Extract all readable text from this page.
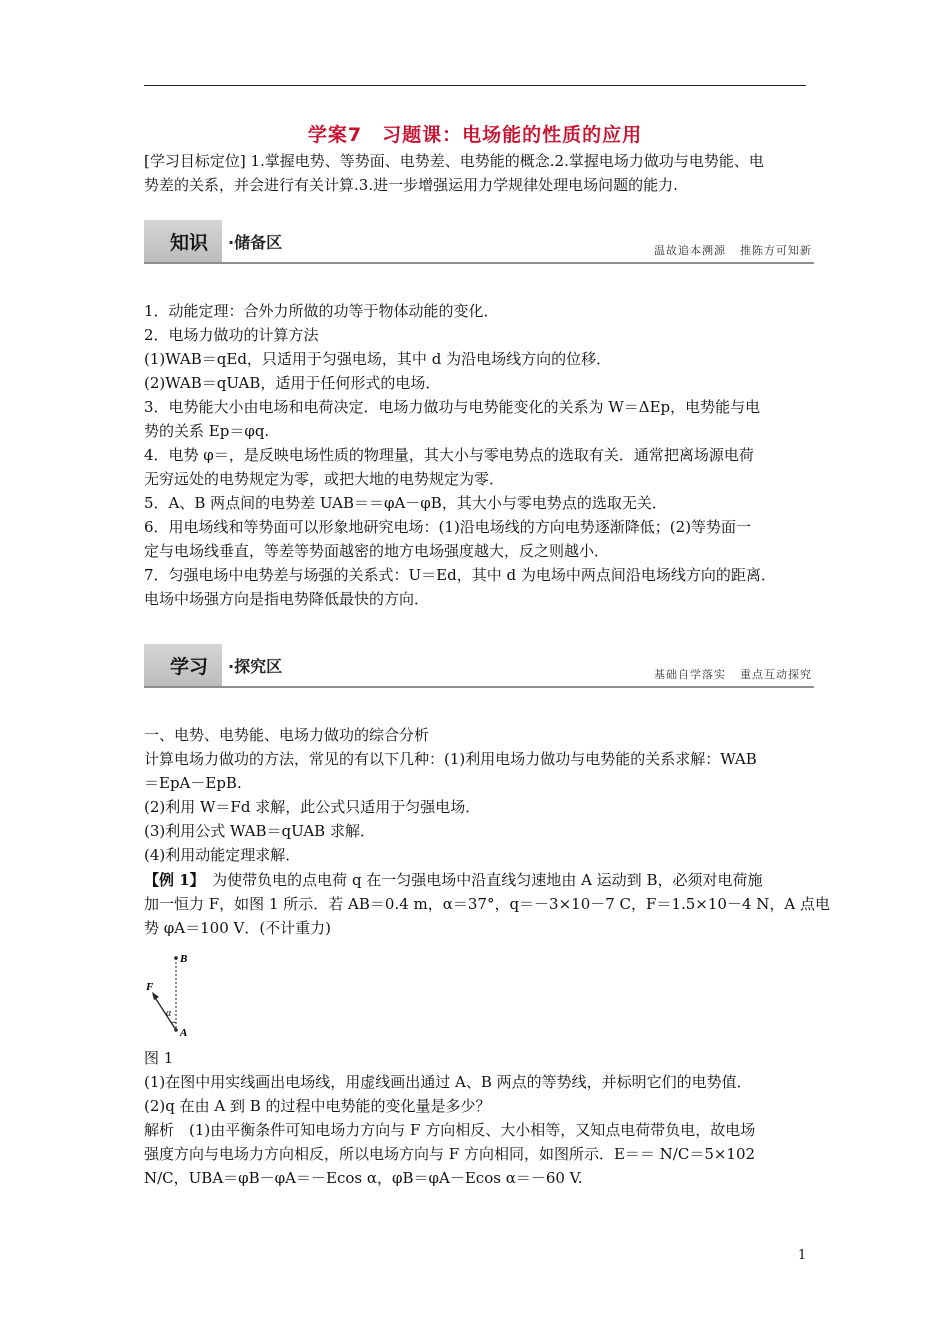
学案7　习题课：电场能的性质的应用
[学习目标定位] 1.掌握电势、等势面、电势差、电势能的概念.2.掌握电场力做功与电势能、电
势差的关系，并会进行有关计算.3.进一步增强运用力学规律处理电场问题的能力.
知识 ·储备区	温故追本溯源 推陈方可知新
1．动能定理：合外力所做的功等于物体动能的变化．
2．电场力做功的计算方法
(1)WAB＝qEd，只适用于匀强电场，其中 d 为沿电场线方向的位移．
(2)WAB＝qUAB，适用于任何形式的电场．
3．电势能大小由电场和电荷决定．电场力做功与电势能变化的关系为 W＝ΔEp，电势能与电
势的关系 Ep＝φq.
4．电势 φ＝，是反映电场性质的物理量，其大小与零电势点的选取有关．通常把离场源电荷
无穷远处的电势规定为零，或把大地的电势规定为零．
5．A、B 两点间的电势差 UAB＝＝φA－φB，其大小与零电势点的选取无关．
6．用电场线和等势面可以形象地研究电场：(1)沿电场线的方向电势逐渐降低；(2)等势面一
定与电场线垂直，等差等势面越密的地方电场强度越大，反之则越小．
7．匀强电场中电势差与场强的关系式：U＝Ed，其中 d 为电场中两点间沿电场线方向的距离．
电场中场强方向是指电势降低最快的方向．
学习 ·探究区	基础自学落实 重点互动探究
一、电势、电势能、电场力做功的综合分析
计算电场力做功的方法，常见的有以下几种：(1)利用电场力做功与电势能的关系求解：WAB
＝EpA－EpB.
(2)利用 W＝Fd 求解，此公式只适用于匀强电场．
(3)利用公式 WAB＝qUAB 求解．
(4)利用动能定理求解．
【例 1】　为使带负电的点电荷 q 在一匀强电场中沿直线匀速地由 A 运动到 B，必须对电荷施
加一恒力 F，如图 1 所示．若 AB＝0.4 m，α＝37°，q＝－3×10－7 C，F＝1.5×10－4 N，A 点电
势 φA＝100 V．(不计重力)
B
F
α
A
图 1
(1)在图中用实线画出电场线，用虚线画出通过 A、B 两点的等势线，并标明它们的电势值．
(2)q 在由 A 到 B 的过程中电势能的变化量是多少？
解析　(1)由平衡条件可知电场力方向与 F 方向相反、大小相等，又知点电荷带负电，故电场
强度方向与电场力方向相反，所以电场方向与 F 方向相同，如图所示．E＝＝ N/C＝5×102
N/C，UBA＝φB－φA＝－Ecos α，φB＝φA－Ecos α＝－60 V.
1
